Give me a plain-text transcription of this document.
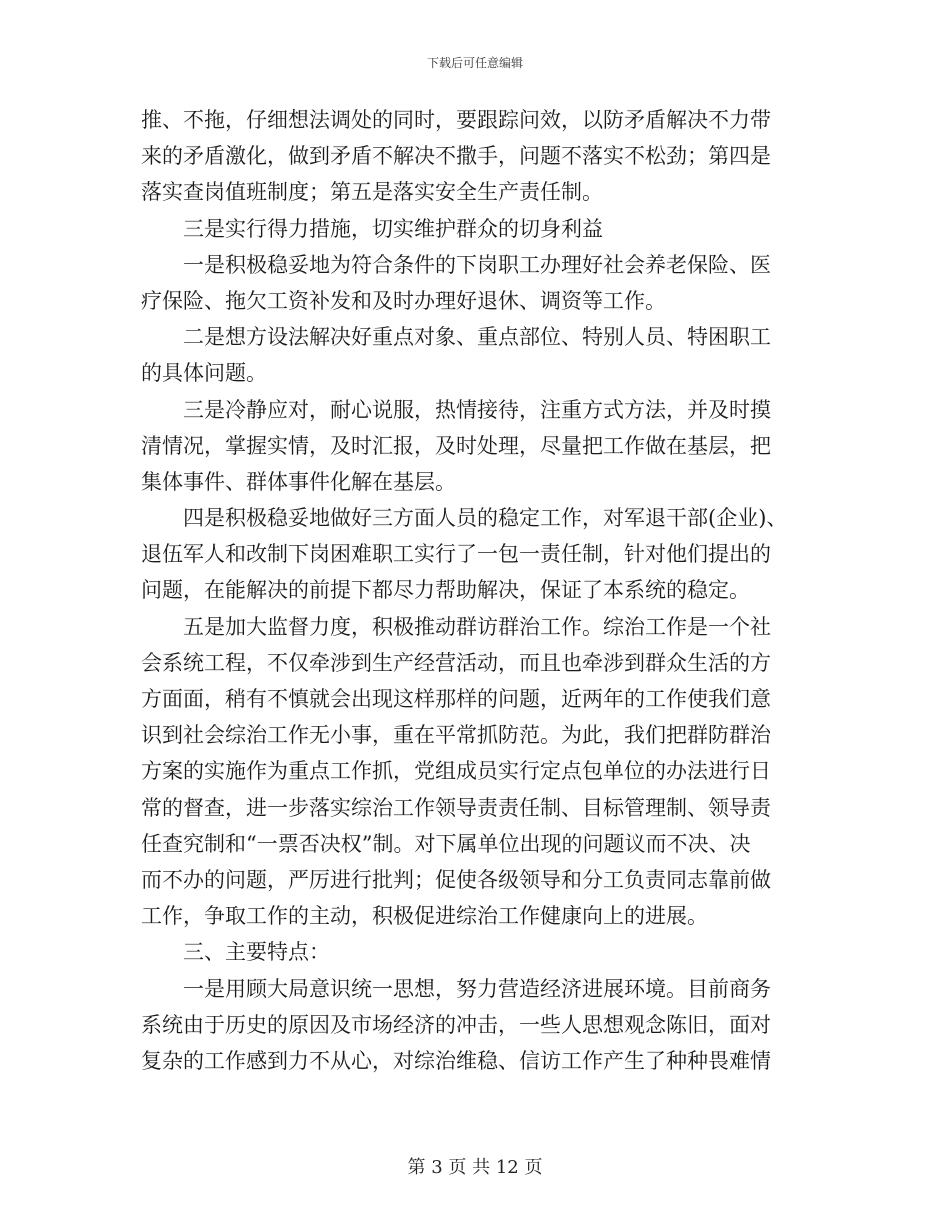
下载后可任意编辑
推、不拖，仔细想法调处的同时，要跟踪问效，以防矛盾解决不力带
来的矛盾激化，做到矛盾不解决不撒手，问题不落实不松劲；第四是
落实查岗值班制度；第五是落实安全生产责任制。
三是实行得力措施，切实维护群众的切身利益
一是积极稳妥地为符合条件的下岗职工办理好社会养老保险、医
疗保险、拖欠工资补发和及时办理好退休、调资等工作。
二是想方设法解决好重点对象、重点部位、特别人员、特困职工
的具体问题。
三是冷静应对，耐心说服，热情接待，注重方式方法，并及时摸
清情况，掌握实情，及时汇报，及时处理，尽量把工作做在基层，把
集体事件、群体事件化解在基层。
四是积极稳妥地做好三方面人员的稳定工作，对军退干部(企业)、
退伍军人和改制下岗困难职工实行了一包一责任制，针对他们提出的
问题，在能解决的前提下都尽力帮助解决，保证了本系统的稳定。
五是加大监督力度，积极推动群访群治工作。综治工作是一个社
会系统工程，不仅牵涉到生产经营活动，而且也牵涉到群众生活的方
方面面，稍有不慎就会出现这样那样的问题，近两年的工作使我们意
识到社会综治工作无小事，重在平常抓防范。为此，我们把群防群治
方案的实施作为重点工作抓，党组成员实行定点包单位的办法进行日
常的督查，进一步落实综治工作领导责责任制、目标管理制、领导责
任查究制和“一票否决权”制。对下属单位出现的问题议而不决、决
而不办的问题，严厉进行批判；促使各级领导和分工负责同志靠前做
工作，争取工作的主动，积极促进综治工作健康向上的进展。
三、主要特点：
一是用顾大局意识统一思想，努力营造经济进展环境。目前商务
系统由于历史的原因及市场经济的冲击，一些人思想观念陈旧，面对
复杂的工作感到力不从心，对综治维稳、信访工作产生了种种畏难情
第 3 页 共 12 页
